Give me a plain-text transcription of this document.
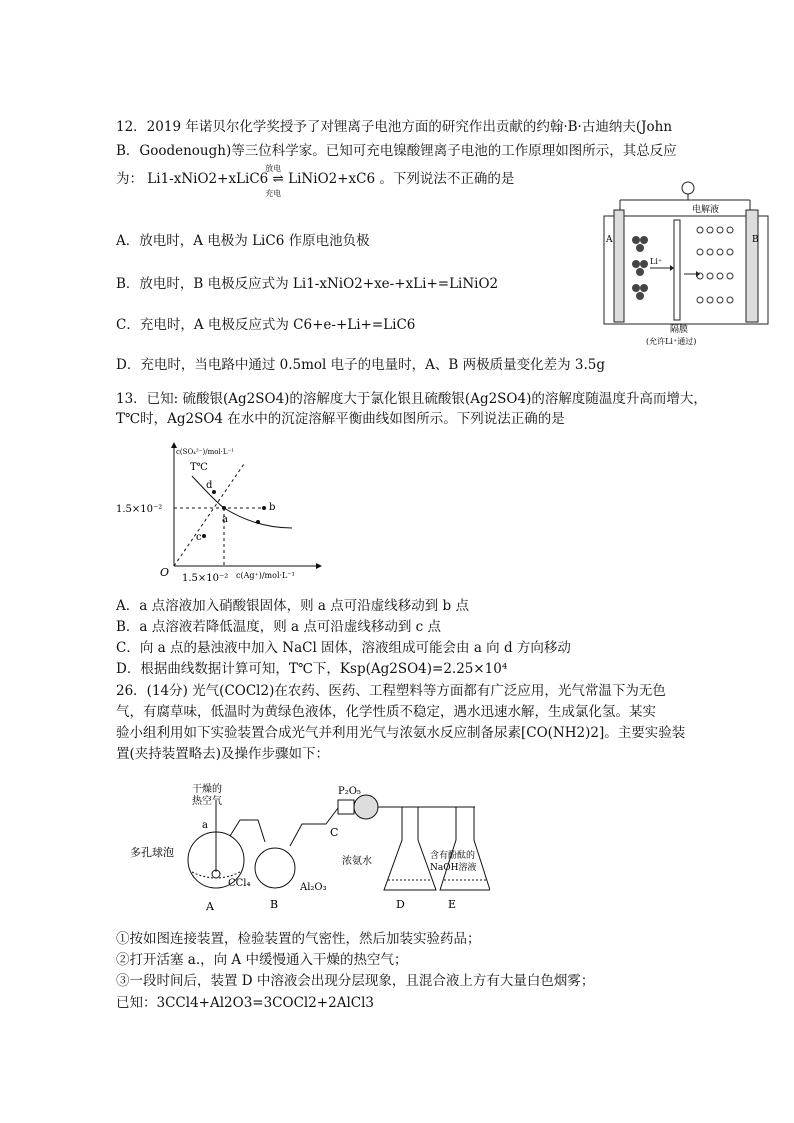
12．2019 年诺贝尔化学奖授予了对锂离子电池方面的研究作出贡献的约翰·B·古迪纳夫(John
B．Goodenough)等三位科学家。已知可充电镍酸锂离子电池的工作原理如图所示，其总反应
为： Li1-xNiO2+xLiC6 ⇌ LiNiO2+xC6
放电
充电
。下列说法不正确的是
电解液
A	B
Li⁺
隔膜
(允许Li⁺通过)
A．放电时，A 电极为 LiC6 作原电池负极
B．放电时，B 电极反应式为 Li1-xNiO2+xe-+xLi+=LiNiO2
C．充电时，A 电极反应式为 C6+e-+Li+=LiC6
D．充电时，当电路中通过 0.5mol 电子的电量时，A、B 两极质量变化差为 3.5g
13．已知: 硫酸银(Ag2SO4)的溶解度大于氯化银且硫酸银(Ag2SO4)的溶解度随温度升高而增大，
T℃时，Ag2SO4 在水中的沉淀溶解平衡曲线如图所示。下列说法正确的是
c(SO₄²⁻)/mol·L⁻¹
c(Ag⁺)/mol·L⁻¹
T℃
1.5×10⁻²
1.5×10⁻²
O
a
b
c
d
A．a 点溶液加入硝酸银固体，则 a 点可沿虚线移动到 b 点
B．a 点溶液若降低温度，则 a 点可沿虚线移动到 c 点
C．向 a 点的悬浊液中加入 NaCl 固体，溶液组成可能会由 a 向 d 方向移动
D．根据曲线数据计算可知，T℃下，Ksp(Ag2SO4)=2.25×10⁴
26．(14分) 光气(COCl2)在农药、医药、工程塑料等方面都有广泛应用，光气常温下为无色
气，有腐草味，低温时为黄绿色液体，化学性质不稳定，遇水迅速水解，生成氯化氢。某实
验小组利用如下实验装置合成光气并利用光气与浓氨水反应制备尿素[CO(NH2)2]。主要实验装
置(夹持装置略去)及操作步骤如下：
干燥的
热空气
a
多孔球泡
CCl₄	Al₂O₃
P₂O₅
A	B
C
D	E
浓氨水	含有酚酞的
NaOH溶液
①按如图连接装置，检验装置的气密性，然后加装实验药品；
②打开活塞 a.，向 A 中缓慢通入干燥的热空气；
③一段时间后，装置 D 中溶液会出现分层现象，且混合液上方有大量白色烟雾；
已知：3CCl4+Al2O3=3COCl2+2AlCl3
